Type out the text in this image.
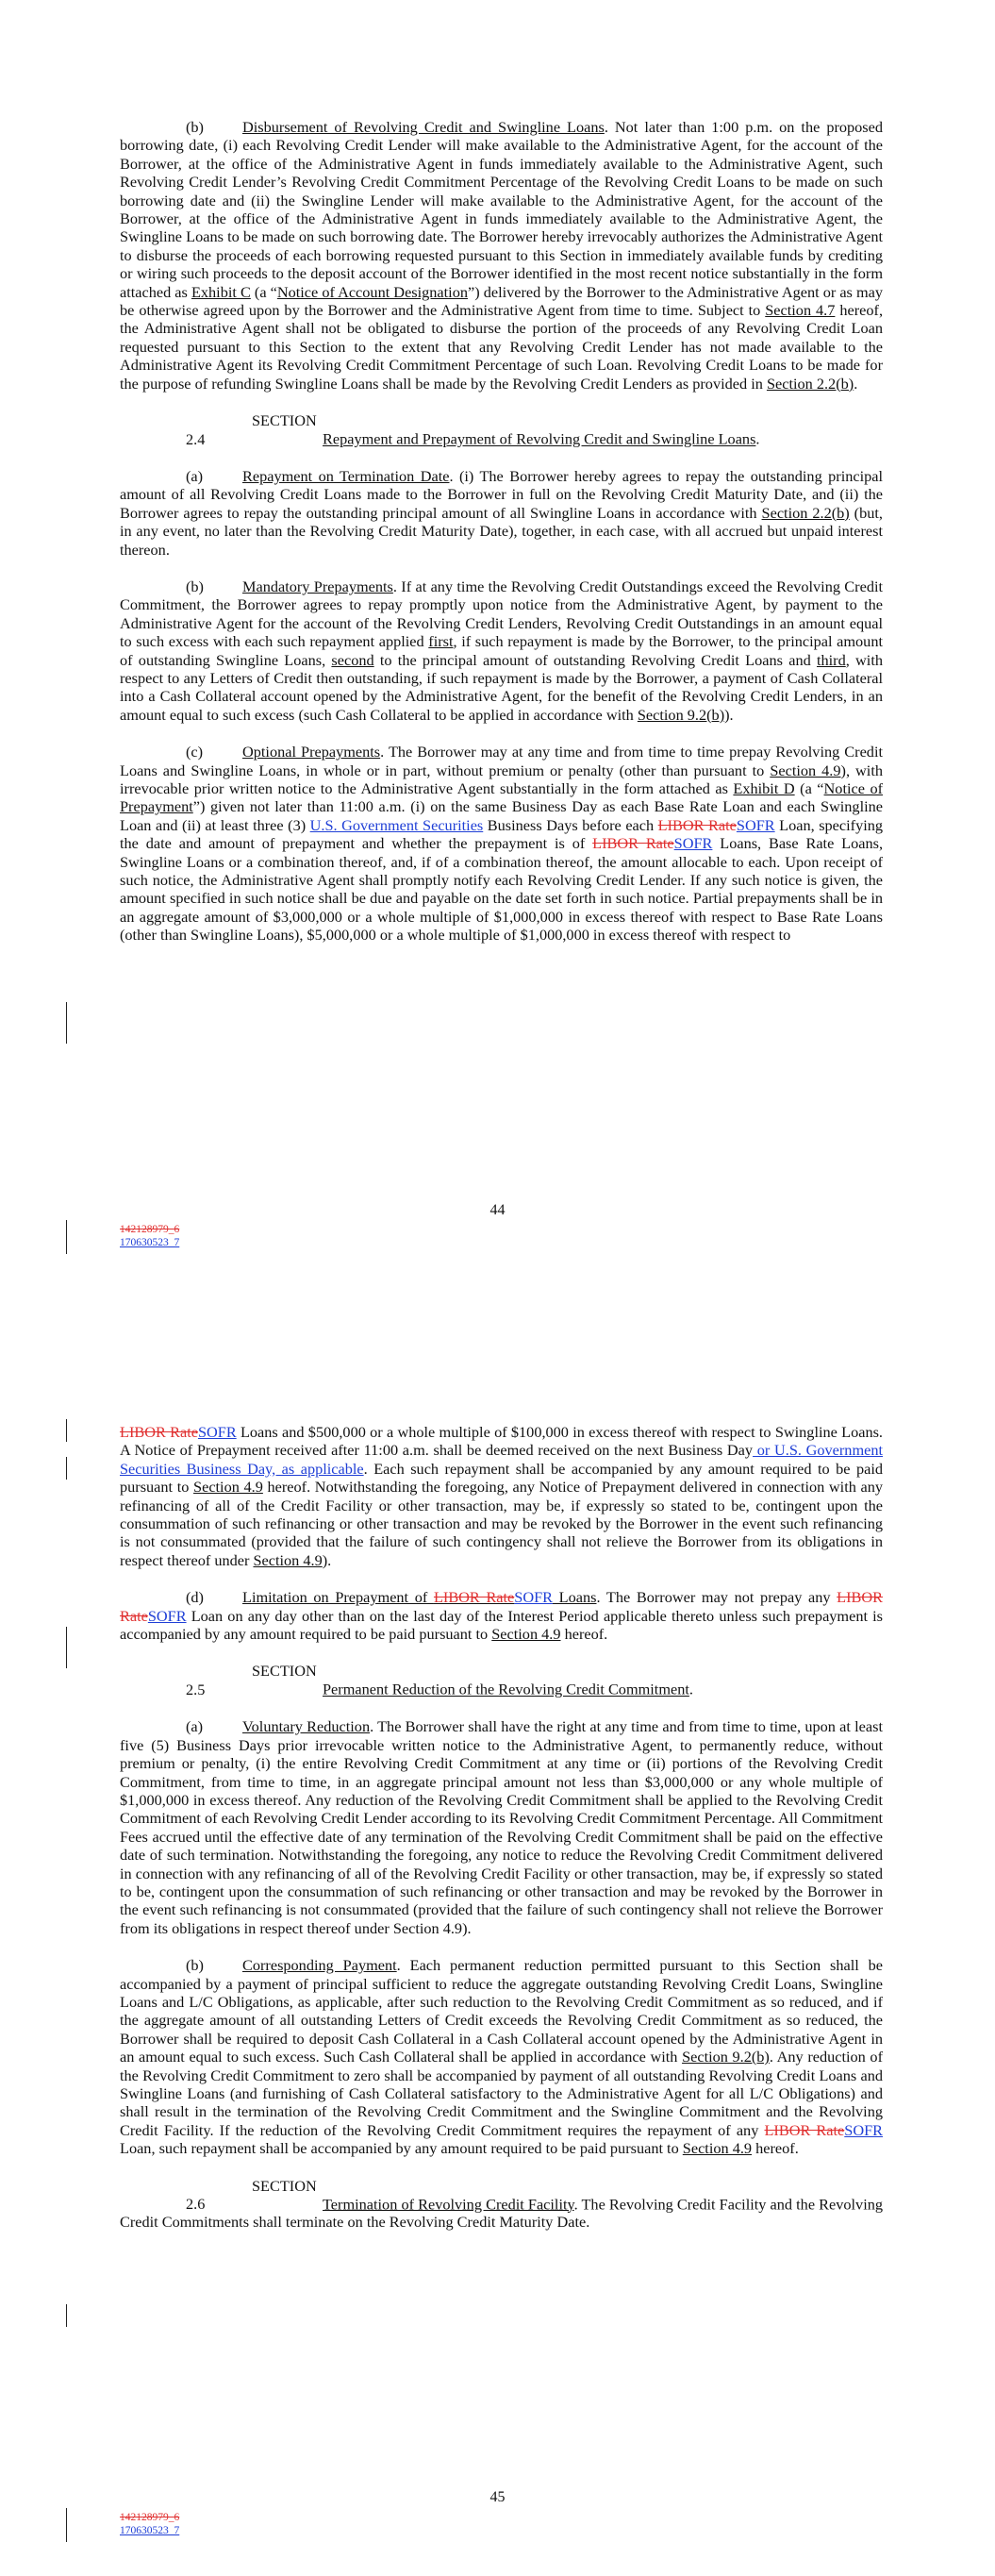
(b)	Disbursement of Revolving Credit and Swingline Loans. Not later than 1:00 p.m. on the proposed borrowing date, (i) each Revolving Credit Lender will make available to the Administrative Agent, for the account of the Borrower, at the office of the Administrative Agent in funds immediately available to the Administrative Agent, such Revolving Credit Lender’s Revolving Credit Commitment Percentage of the Revolving Credit Loans to be made on such borrowing date and (ii) the Swingline Lender will make available to the Administrative Agent, for the account of the Borrower, at the office of the Administrative Agent in funds immediately available to the Administrative Agent, the Swingline Loans to be made on such borrowing date. The Borrower hereby irrevocably authorizes the Administrative Agent to disburse the proceeds of each borrowing requested pursuant to this Section in immediately available funds by crediting or wiring such proceeds to the deposit account of the Borrower identified in the most recent notice substantially in the form attached as Exhibit C (a “Notice of Account Designation”) delivered by the Borrower to the Administrative Agent or as may be otherwise agreed upon by the Borrower and the Administrative Agent from time to time. Subject to Section 4.7 hereof, the Administrative Agent shall not be obligated to disburse the portion of the proceeds of any Revolving Credit Loan requested pursuant to this Section to the extent that any Revolving Credit Lender has not made available to the Administrative Agent its Revolving Credit Commitment Percentage of such Loan. Revolving Credit Loans to be made for the purpose of refunding Swingline Loans shall be made by the Revolving Credit Lenders as provided in Section 2.2(b).

SECTION 2.4	Repayment and Prepayment of Revolving Credit and Swingline Loans.

(a)	Repayment on Termination Date. (i) The Borrower hereby agrees to repay the outstanding principal amount of all Revolving Credit Loans made to the Borrower in full on the Revolving Credit Maturity Date, and (ii) the Borrower agrees to repay the outstanding principal amount of all Swingline Loans in accordance with Section 2.2(b) (but, in any event, no later than the Revolving Credit Maturity Date), together, in each case, with all accrued but unpaid interest thereon.

(b)	Mandatory Prepayments. If at any time the Revolving Credit Outstandings exceed the Revolving Credit Commitment, the Borrower agrees to repay promptly upon notice from the Administrative Agent, by payment to the Administrative Agent for the account of the Revolving Credit Lenders, Revolving Credit Outstandings in an amount equal to such excess with each such repayment applied first, if such repayment is made by the Borrower, to the principal amount of outstanding Swingline Loans, second to the principal amount of outstanding Revolving Credit Loans and third, with respect to any Letters of Credit then outstanding, if such repayment is made by the Borrower, a payment of Cash Collateral into a Cash Collateral account opened by the Administrative Agent, for the benefit of the Revolving Credit Lenders, in an amount equal to such excess (such Cash Collateral to be applied in accordance with Section 9.2(b)).

(c)	Optional Prepayments. The Borrower may at any time and from time to time prepay Revolving Credit Loans and Swingline Loans, in whole or in part, without premium or penalty (other than pursuant to Section 4.9), with irrevocable prior written notice to the Administrative Agent substantially in the form attached as Exhibit D (a “Notice of Prepayment”) given not later than 11:00 a.m. (i) on the same Business Day as each Base Rate Loan and each Swingline Loan and (ii) at least three (3) U.S. Government Securities Business Days before each LIBOR RateSOFR Loan, specifying the date and amount of prepayment and whether the prepayment is of LIBOR RateSOFR Loans, Base Rate Loans, Swingline Loans or a combination thereof, and, if of a combination thereof, the amount allocable to each. Upon receipt of such notice, the Administrative Agent shall promptly notify each Revolving Credit Lender. If any such notice is given, the amount specified in such notice shall be due and payable on the date set forth in such notice. Partial prepayments shall be in an aggregate amount of $3,000,000 or a whole multiple of $1,000,000 in excess thereof with respect to Base Rate Loans (other than Swingline Loans), $5,000,000 or a whole multiple of $1,000,000 in excess thereof with respect to

44
142128979_6
170630523_7

LIBOR RateSOFR Loans and $500,000 or a whole multiple of $100,000 in excess thereof with respect to Swingline Loans. A Notice of Prepayment received after 11:00 a.m. shall be deemed received on the next Business Day or U.S. Government Securities Business Day, as applicable. Each such repayment shall be accompanied by any amount required to be paid pursuant to Section 4.9 hereof. Notwithstanding the foregoing, any Notice of Prepayment delivered in connection with any refinancing of all of the Credit Facility or other transaction, may be, if expressly so stated to be, contingent upon the consummation of such refinancing or other transaction and may be revoked by the Borrower in the event such refinancing is not consummated (provided that the failure of such contingency shall not relieve the Borrower from its obligations in respect thereof under Section 4.9).

(d)	Limitation on Prepayment of LIBOR RateSOFR Loans. The Borrower may not prepay any LIBOR RateSOFR Loan on any day other than on the last day of the Interest Period applicable thereto unless such prepayment is accompanied by any amount required to be paid pursuant to Section 4.9 hereof.

SECTION 2.5	Permanent Reduction of the Revolving Credit Commitment.

(a)	Voluntary Reduction. The Borrower shall have the right at any time and from time to time, upon at least five (5) Business Days prior irrevocable written notice to the Administrative Agent, to permanently reduce, without premium or penalty, (i) the entire Revolving Credit Commitment at any time or (ii) portions of the Revolving Credit Commitment, from time to time, in an aggregate principal amount not less than $3,000,000 or any whole multiple of $1,000,000 in excess thereof. Any reduction of the Revolving Credit Commitment shall be applied to the Revolving Credit Commitment of each Revolving Credit Lender according to its Revolving Credit Commitment Percentage. All Commitment Fees accrued until the effective date of any termination of the Revolving Credit Commitment shall be paid on the effective date of such termination. Notwithstanding the foregoing, any notice to reduce the Revolving Credit Commitment delivered in connection with any refinancing of all of the Revolving Credit Facility or other transaction, may be, if expressly so stated to be, contingent upon the consummation of such refinancing or other transaction and may be revoked by the Borrower in the event such refinancing is not consummated (provided that the failure of such contingency shall not relieve the Borrower from its obligations in respect thereof under Section 4.9).

(b)	Corresponding Payment. Each permanent reduction permitted pursuant to this Section shall be accompanied by a payment of principal sufficient to reduce the aggregate outstanding Revolving Credit Loans, Swingline Loans and L/C Obligations, as applicable, after such reduction to the Revolving Credit Commitment as so reduced, and if the aggregate amount of all outstanding Letters of Credit exceeds the Revolving Credit Commitment as so reduced, the Borrower shall be required to deposit Cash Collateral in a Cash Collateral account opened by the Administrative Agent in an amount equal to such excess. Such Cash Collateral shall be applied in accordance with Section 9.2(b). Any reduction of the Revolving Credit Commitment to zero shall be accompanied by payment of all outstanding Revolving Credit Loans and Swingline Loans (and furnishing of Cash Collateral satisfactory to the Administrative Agent for all L/C Obligations) and shall result in the termination of the Revolving Credit Commitment and the Swingline Commitment and the Revolving Credit Facility. If the reduction of the Revolving Credit Commitment requires the repayment of any LIBOR RateSOFR Loan, such repayment shall be accompanied by any amount required to be paid pursuant to Section 4.9 hereof.

SECTION 2.6	Termination of Revolving Credit Facility. The Revolving Credit Facility and the Revolving Credit Commitments shall terminate on the Revolving Credit Maturity Date.

45
142128979_6
170630523_7
